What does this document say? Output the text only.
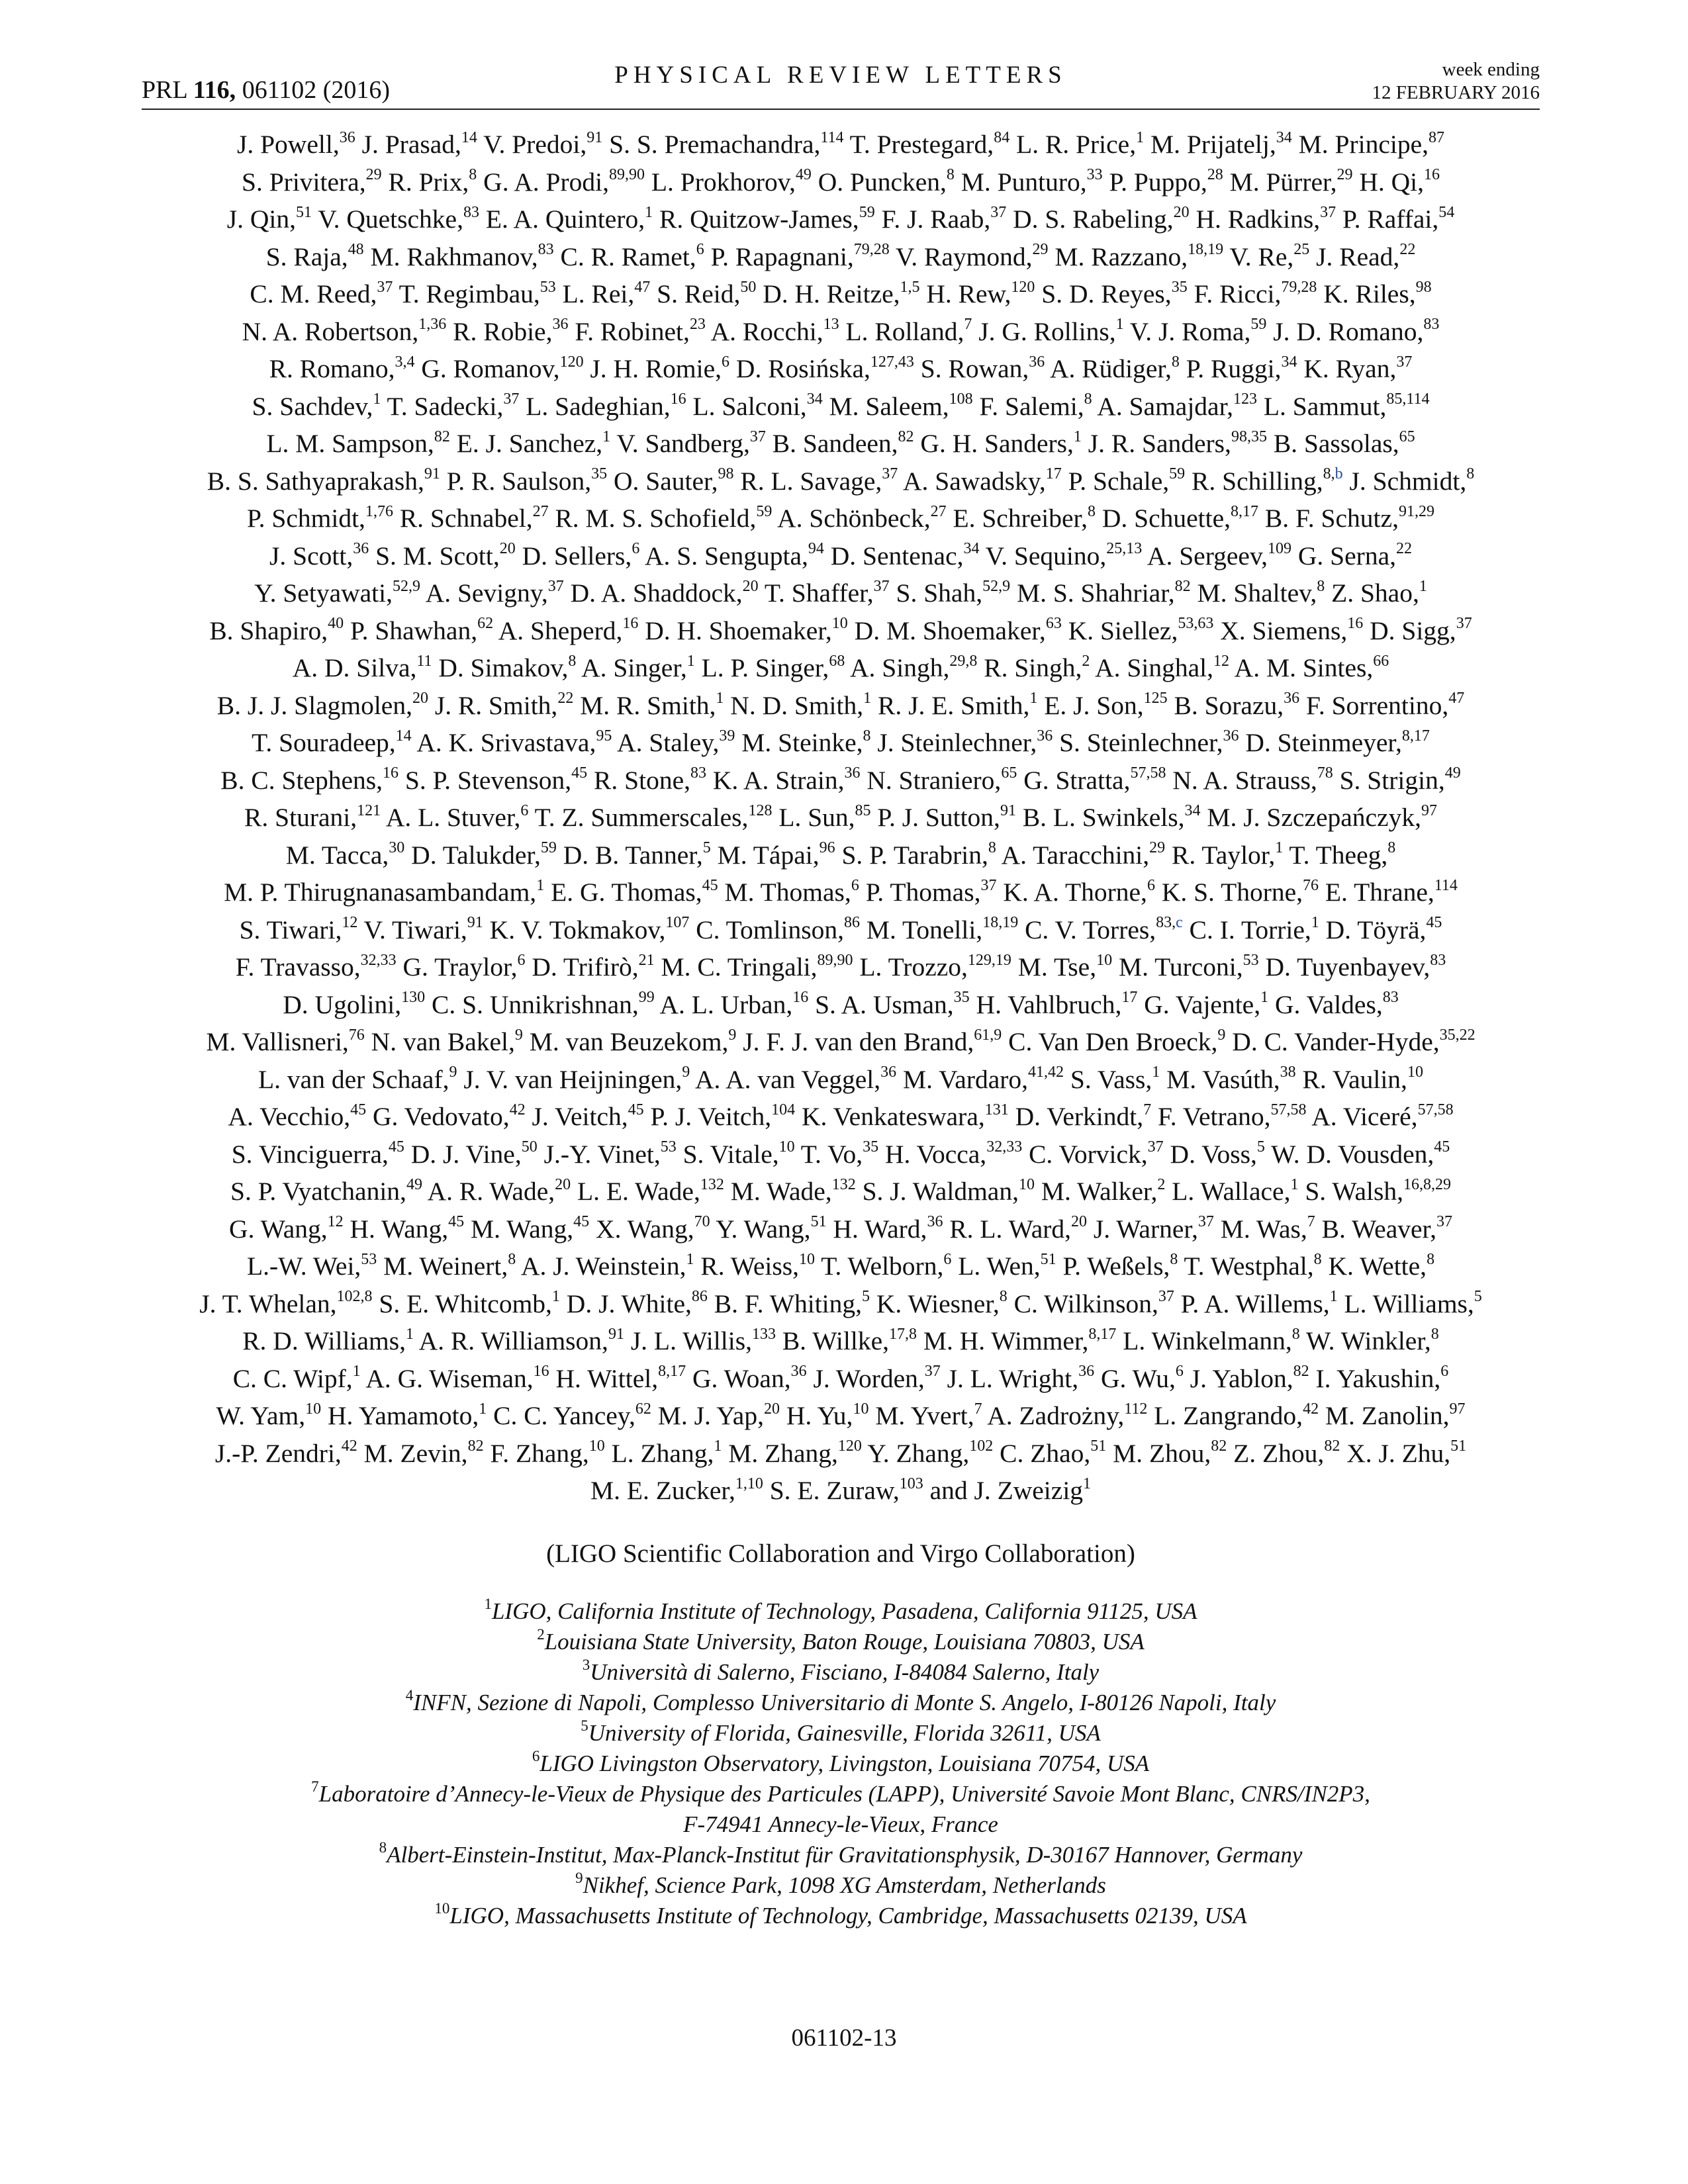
PRL 116, 061102 (2016)
PHYSICAL REVIEW LETTERS	week ending
12 FEBRUARY 2016
J. Powell,$^{36}$ J. Prasad,$^{14}$ V. Predoi,$^{91}$ S. S. Premachandra,$^{114}$ T. Prestegard,$^{84}$ L. R. Price,$^1$ M. Prijatelj,$^{34}$ M. Principe,$^{87}$
S. Privitera,$^{29}$ R. Prix,$^8$ G. A. Prodi,$^{89,90}$ L. Prokhorov,$^{49}$ O. Puncken,$^8$ M. Punturo,$^{33}$ P. Puppo,$^{28}$ M. Pürrer,$^{29}$ H. Qi,$^{16}$
J. Qin,$^{51}$ V. Quetschke,$^{83}$ E. A. Quintero,$^1$ R. Quitzow-James,$^{59}$ F. J. Raab,$^{37}$ D. S. Rabeling,$^{20}$ H. Radkins,$^{37}$ P. Raffai,$^{54}$
S. Raja,$^{48}$ M. Rakhmanov,$^{83}$ C. R. Ramet,$^6$ P. Rapagnani,$^{79,28}$ V. Raymond,$^{29}$ M. Razzano,$^{18,19}$ V. Re,$^{25}$ J. Read,$^{22}$
C. M. Reed,$^{37}$ T. Regimbau,$^{53}$ L. Rei,$^{47}$ S. Reid,$^{50}$ D. H. Reitze,$^{1,5}$ H. Rew,$^{120}$ S. D. Reyes,$^{35}$ F. Ricci,$^{79,28}$ K. Riles,$^{98}$
N. A. Robertson,$^{1,36}$ R. Robie,$^{36}$ F. Robinet,$^{23}$ A. Rocchi,$^{13}$ L. Rolland,$^7$ J. G. Rollins,$^1$ V. J. Roma,$^{59}$ J. D. Romano,$^{83}$
R. Romano,$^{3,4}$ G. Romanov,$^{120}$ J. H. Romie,$^6$ D. Rosińska,$^{127,43}$ S. Rowan,$^{36}$ A. Rüdiger,$^8$ P. Ruggi,$^{34}$ K. Ryan,$^{37}$
S. Sachdev,$^1$ T. Sadecki,$^{37}$ L. Sadeghian,$^{16}$ L. Salconi,$^{34}$ M. Saleem,$^{108}$ F. Salemi,$^8$ A. Samajdar,$^{123}$ L. Sammut,$^{85,114}$
L. M. Sampson,$^{82}$ E. J. Sanchez,$^1$ V. Sandberg,$^{37}$ B. Sandeen,$^{82}$ G. H. Sanders,$^1$ J. R. Sanders,$^{98,35}$ B. Sassolas,$^{65}$
B. S. Sathyaprakash,$^{91}$ P. R. Saulson,$^{35}$ O. Sauter,$^{98}$ R. L. Savage,$^{37}$ A. Sawadsky,$^{17}$ P. Schale,$^{59}$ R. Schilling,$^{8,b}$ J. Schmidt,$^8$
P. Schmidt,$^{1,76}$ R. Schnabel,$^{27}$ R. M. S. Schofield,$^{59}$ A. Schönbeck,$^{27}$ E. Schreiber,$^8$ D. Schuette,$^{8,17}$ B. F. Schutz,$^{91,29}$
J. Scott,$^{36}$ S. M. Scott,$^{20}$ D. Sellers,$^6$ A. S. Sengupta,$^{94}$ D. Sentenac,$^{34}$ V. Sequino,$^{25,13}$ A. Sergeev,$^{109}$ G. Serna,$^{22}$
Y. Setyawati,$^{52,9}$ A. Sevigny,$^{37}$ D. A. Shaddock,$^{20}$ T. Shaffer,$^{37}$ S. Shah,$^{52,9}$ M. S. Shahriar,$^{82}$ M. Shaltev,$^8$ Z. Shao,$^1$
B. Shapiro,$^{40}$ P. Shawhan,$^{62}$ A. Sheperd,$^{16}$ D. H. Shoemaker,$^{10}$ D. M. Shoemaker,$^{63}$ K. Siellez,$^{53,63}$ X. Siemens,$^{16}$ D. Sigg,$^{37}$
A. D. Silva,$^{11}$ D. Simakov,$^8$ A. Singer,$^1$ L. P. Singer,$^{68}$ A. Singh,$^{29,8}$ R. Singh,$^2$ A. Singhal,$^{12}$ A. M. Sintes,$^{66}$
B. J. J. Slagmolen,$^{20}$ J. R. Smith,$^{22}$ M. R. Smith,$^1$ N. D. Smith,$^1$ R. J. E. Smith,$^1$ E. J. Son,$^{125}$ B. Sorazu,$^{36}$ F. Sorrentino,$^{47}$
T. Souradeep,$^{14}$ A. K. Srivastava,$^{95}$ A. Staley,$^{39}$ M. Steinke,$^8$ J. Steinlechner,$^{36}$ S. Steinlechner,$^{36}$ D. Steinmeyer,$^{8,17}$
B. C. Stephens,$^{16}$ S. P. Stevenson,$^{45}$ R. Stone,$^{83}$ K. A. Strain,$^{36}$ N. Straniero,$^{65}$ G. Stratta,$^{57,58}$ N. A. Strauss,$^{78}$ S. Strigin,$^{49}$
R. Sturani,$^{121}$ A. L. Stuver,$^6$ T. Z. Summerscales,$^{128}$ L. Sun,$^{85}$ P. J. Sutton,$^{91}$ B. L. Swinkels,$^{34}$ M. J. Szczepańczyk,$^{97}$
M. Tacca,$^{30}$ D. Talukder,$^{59}$ D. B. Tanner,$^5$ M. Tápai,$^{96}$ S. P. Tarabrin,$^8$ A. Taracchini,$^{29}$ R. Taylor,$^1$ T. Theeg,$^8$
M. P. Thirugnanasambandam,$^1$ E. G. Thomas,$^{45}$ M. Thomas,$^6$ P. Thomas,$^{37}$ K. A. Thorne,$^6$ K. S. Thorne,$^{76}$ E. Thrane,$^{114}$
S. Tiwari,$^{12}$ V. Tiwari,$^{91}$ K. V. Tokmakov,$^{107}$ C. Tomlinson,$^{86}$ M. Tonelli,$^{18,19}$ C. V. Torres,$^{83,c}$ C. I. Torrie,$^1$ D. Töyrä,$^{45}$
F. Travasso,$^{32,33}$ G. Traylor,$^6$ D. Trifirò,$^{21}$ M. C. Tringali,$^{89,90}$ L. Trozzo,$^{129,19}$ M. Tse,$^{10}$ M. Turconi,$^{53}$ D. Tuyenbayev,$^{83}$
D. Ugolini,$^{130}$ C. S. Unnikrishnan,$^{99}$ A. L. Urban,$^{16}$ S. A. Usman,$^{35}$ H. Vahlbruch,$^{17}$ G. Vajente,$^1$ G. Valdes,$^{83}$
M. Vallisneri,$^{76}$ N. van Bakel,$^9$ M. van Beuzekom,$^9$ J. F. J. van den Brand,$^{61,9}$ C. Van Den Broeck,$^9$ D. C. Vander-Hyde,$^{35,22}$
L. van der Schaaf,$^9$ J. V. van Heijningen,$^9$ A. A. van Veggel,$^{36}$ M. Vardaro,$^{41,42}$ S. Vass,$^1$ M. Vasúth,$^{38}$ R. Vaulin,$^{10}$
A. Vecchio,$^{45}$ G. Vedovato,$^{42}$ J. Veitch,$^{45}$ P. J. Veitch,$^{104}$ K. Venkateswara,$^{131}$ D. Verkindt,$^7$ F. Vetrano,$^{57,58}$ A. Viceré,$^{57,58}$
S. Vinciguerra,$^{45}$ D. J. Vine,$^{50}$ J.-Y. Vinet,$^{53}$ S. Vitale,$^{10}$ T. Vo,$^{35}$ H. Vocca,$^{32,33}$ C. Vorvick,$^{37}$ D. Voss,$^5$ W. D. Vousden,$^{45}$
S. P. Vyatchanin,$^{49}$ A. R. Wade,$^{20}$ L. E. Wade,$^{132}$ M. Wade,$^{132}$ S. J. Waldman,$^{10}$ M. Walker,$^2$ L. Wallace,$^1$ S. Walsh,$^{16,8,29}$
G. Wang,$^{12}$ H. Wang,$^{45}$ M. Wang,$^{45}$ X. Wang,$^{70}$ Y. Wang,$^{51}$ H. Ward,$^{36}$ R. L. Ward,$^{20}$ J. Warner,$^{37}$ M. Was,$^7$ B. Weaver,$^{37}$
L.-W. Wei,$^{53}$ M. Weinert,$^8$ A. J. Weinstein,$^1$ R. Weiss,$^{10}$ T. Welborn,$^6$ L. Wen,$^{51}$ P. Weßels,$^8$ T. Westphal,$^8$ K. Wette,$^8$
J. T. Whelan,$^{102,8}$ S. E. Whitcomb,$^1$ D. J. White,$^{86}$ B. F. Whiting,$^5$ K. Wiesner,$^8$ C. Wilkinson,$^{37}$ P. A. Willems,$^1$ L. Williams,$^5$
R. D. Williams,$^1$ A. R. Williamson,$^{91}$ J. L. Willis,$^{133}$ B. Willke,$^{17,8}$ M. H. Wimmer,$^{8,17}$ L. Winkelmann,$^8$ W. Winkler,$^8$
C. C. Wipf,$^1$ A. G. Wiseman,$^{16}$ H. Wittel,$^{8,17}$ G. Woan,$^{36}$ J. Worden,$^{37}$ J. L. Wright,$^{36}$ G. Wu,$^6$ J. Yablon,$^{82}$ I. Yakushin,$^6$
W. Yam,$^{10}$ H. Yamamoto,$^1$ C. C. Yancey,$^{62}$ M. J. Yap,$^{20}$ H. Yu,$^{10}$ M. Yvert,$^7$ A. Zadrożny,$^{112}$ L. Zangrando,$^{42}$ M. Zanolin,$^{97}$
J.-P. Zendri,$^{42}$ M. Zevin,$^{82}$ F. Zhang,$^{10}$ L. Zhang,$^1$ M. Zhang,$^{120}$ Y. Zhang,$^{102}$ C. Zhao,$^{51}$ M. Zhou,$^{82}$ Z. Zhou,$^{82}$ X. J. Zhu,$^{51}$
M. E. Zucker,$^{1,10}$ S. E. Zuraw,$^{103}$ and J. Zweizig$^1$
(LIGO Scientific Collaboration and Virgo Collaboration)
$^1$LIGO, California Institute of Technology, Pasadena, California 91125, USA
$^2$Louisiana State University, Baton Rouge, Louisiana 70803, USA
$^3$Università di Salerno, Fisciano, I-84084 Salerno, Italy
$^4$INFN, Sezione di Napoli, Complesso Universitario di Monte S. Angelo, I-80126 Napoli, Italy
$^5$University of Florida, Gainesville, Florida 32611, USA
$^6$LIGO Livingston Observatory, Livingston, Louisiana 70754, USA
$^7$Laboratoire d’Annecy-le-Vieux de Physique des Particules (LAPP), Université Savoie Mont Blanc, CNRS/IN2P3,
F-74941 Annecy-le-Vieux, France
$^8$Albert-Einstein-Institut, Max-Planck-Institut für Gravitationsphysik, D-30167 Hannover, Germany
$^9$Nikhef, Science Park, 1098 XG Amsterdam, Netherlands
$^{10}$LIGO, Massachusetts Institute of Technology, Cambridge, Massachusetts 02139, USA
061102-13
